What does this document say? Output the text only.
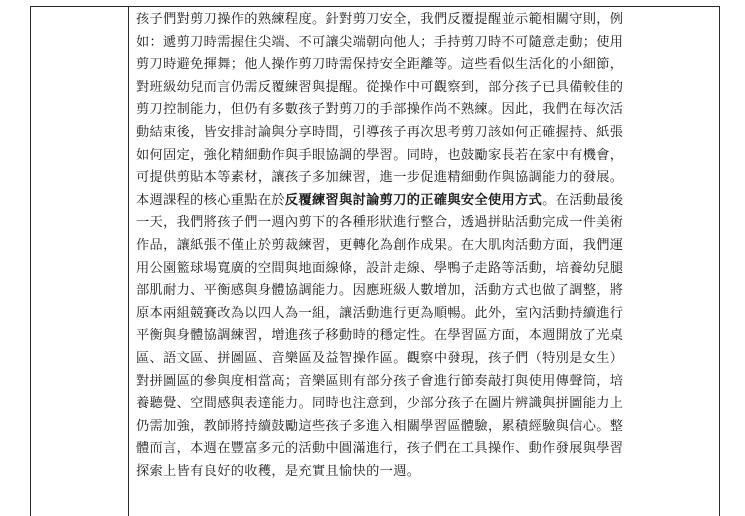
孩子們對剪刀操作的熟練程度。針對剪刀安全，我們反覆提醒並示範相關守則，例
如：遞剪刀時需握住尖端、不可讓尖端朝向他人；手持剪刀時不可隨意走動；使用
剪刀時避免揮舞；他人操作剪刀時需保持安全距離等。這些看似生活化的小細節，
對班級幼兒而言仍需反覆練習與提醒。從操作中可觀察到，部分孩子已具備較佳的
剪刀控制能力，但仍有多數孩子對剪刀的手部操作尚不熟練。因此，我們在每次活
動結束後，皆安排討論與分享時間，引導孩子再次思考剪刀該如何正確握持、紙張
如何固定，強化精細動作與手眼協調的學習。同時，也鼓勵家長若在家中有機會，
可提供剪貼本等素材，讓孩子多加練習，進一步促進精細動作與協調能力的發展。
本週課程的核心重點在於反覆練習與討論剪刀的正確與安全使用方式。在活動最後
一天，我們將孩子們一週內剪下的各種形狀進行整合，透過拼貼活動完成一件美術
作品，讓紙張不僅止於剪裁練習，更轉化為創作成果。在大肌肉活動方面，我們運
用公園籃球場寬廣的空間與地面線條，設計走線、學鴨子走路等活動，培養幼兒腿
部肌耐力、平衡感與身體協調能力。因應班級人數增加，活動方式也做了調整，將
原本兩組競賽改為以四人為一組，讓活動進行更為順暢。此外，室內活動持續進行
平衡與身體協調練習，增進孩子移動時的穩定性。在學習區方面，本週開放了光桌
區、語文區、拼圖區、音樂區及益智操作區。觀察中發現，孩子們（特別是女生）
對拼圖區的參與度相當高；音樂區則有部分孩子會進行節奏敲打與使用傳聲筒，培
養聽覺、空間感與表達能力。同時也注意到，少部分孩子在圖片辨識與拼圖能力上
仍需加強，教師將持續鼓勵這些孩子多進入相關學習區體驗，累積經驗與信心。整
體而言，本週在豐富多元的活動中圓滿進行，孩子們在工具操作、動作發展與學習
探索上皆有良好的收穫，是充實且愉快的一週。
